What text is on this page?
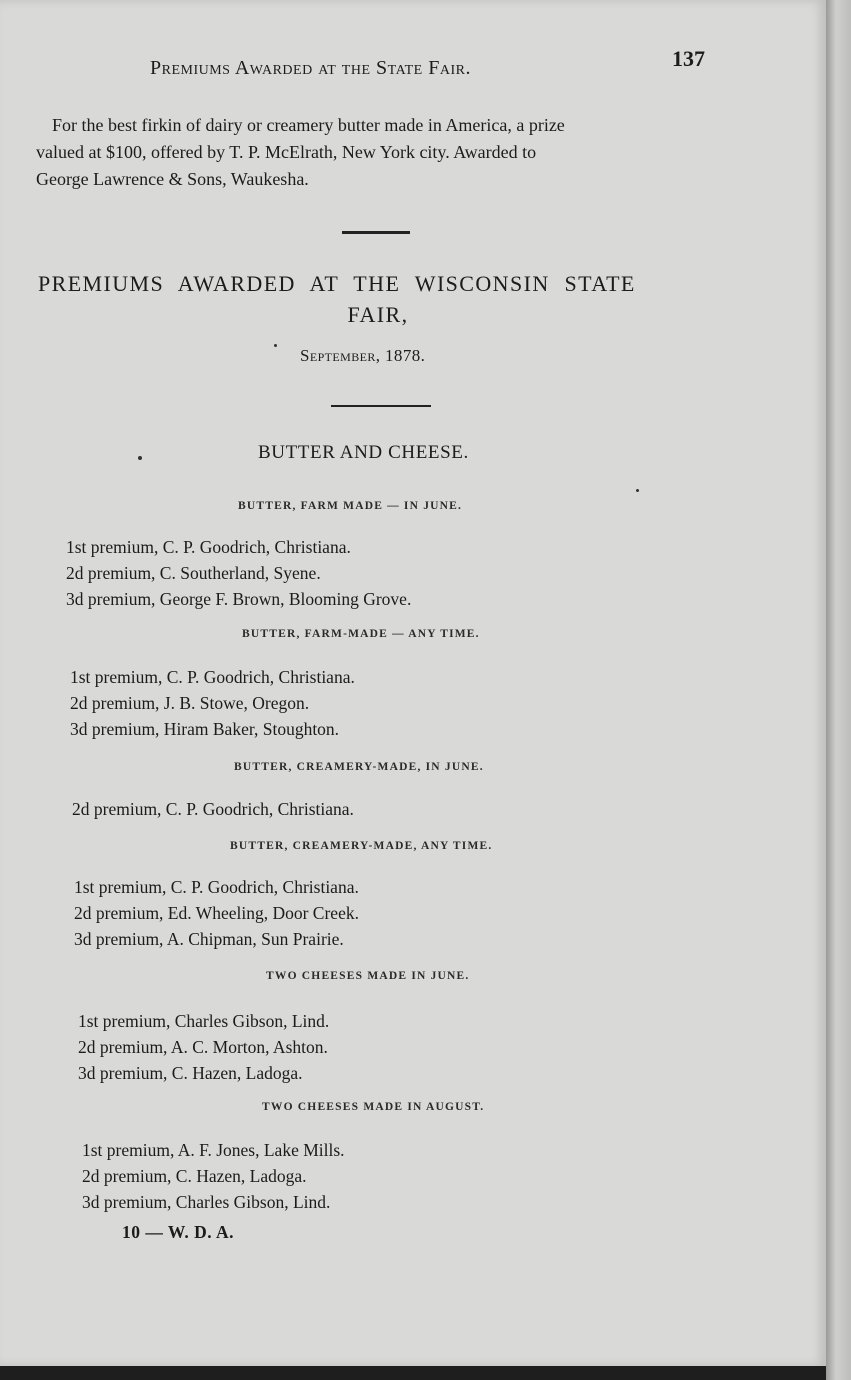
Premiums Awarded at the State Fair.	137
For the best firkin of dairy or creamery butter made in America, a prize
valued at $100, offered by T. P. McElrath, New York city. Awarded to
George Lawrence & Sons, Waukesha.
PREMIUMS AWARDED AT THE WISCONSIN STATE
FAIR,
September, 1878.
BUTTER AND CHEESE.
BUTTER, FARM MADE — IN JUNE.
1st premium, C. P. Goodrich, Christiana.
2d premium, C. Southerland, Syene.
3d premium, George F. Brown, Blooming Grove.
BUTTER, FARM-MADE — ANY TIME.
1st premium, C. P. Goodrich, Christiana.
2d premium, J. B. Stowe, Oregon.
3d premium, Hiram Baker, Stoughton.
BUTTER, CREAMERY-MADE, IN JUNE.
2d premium, C. P. Goodrich, Christiana.
BUTTER, CREAMERY-MADE, ANY TIME.
1st premium, C. P. Goodrich, Christiana.
2d premium, Ed. Wheeling, Door Creek.
3d premium, A. Chipman, Sun Prairie.
TWO CHEESES MADE IN JUNE.
1st premium, Charles Gibson, Lind.
2d premium, A. C. Morton, Ashton.
3d premium, C. Hazen, Ladoga.
TWO CHEESES MADE IN AUGUST.
1st premium, A. F. Jones, Lake Mills.
2d premium, C. Hazen, Ladoga.
3d premium, Charles Gibson, Lind.
10 — W. D. A.
